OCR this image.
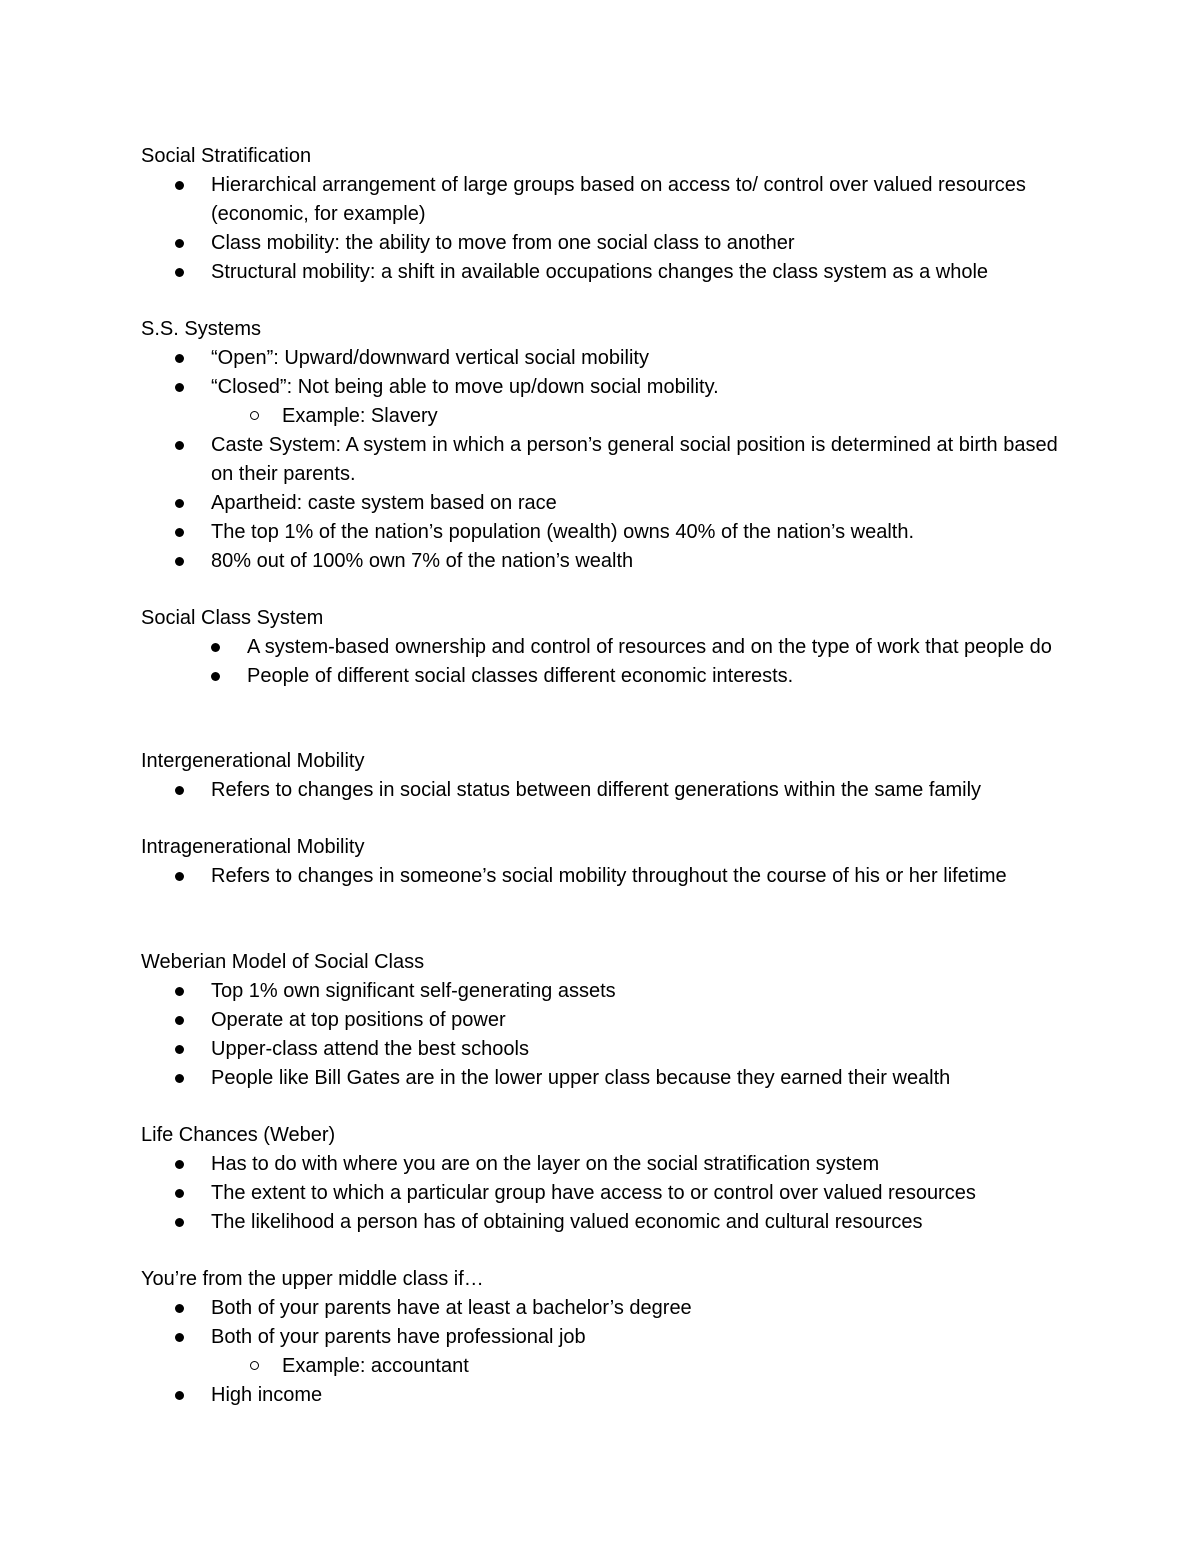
Social Stratification
Hierarchical arrangement of large groups based on access to/ control over valued resources (economic, for example)
Class mobility: the ability to move from one social class to another
Structural mobility: a shift in available occupations changes the class system as a whole
S.S. Systems
“Open”: Upward/downward vertical social mobility
“Closed”: Not being able to move up/down social mobility.
Example: Slavery
Caste System: A system in which a person’s general social position is determined at birth based on their parents.
Apartheid: caste system based on race
The top 1% of the nation’s population (wealth) owns 40% of the nation’s wealth.
80% out of 100% own 7% of the nation’s wealth
Social Class System
A system-based ownership and control of resources and on the type of work that people do
People of different social classes different economic interests.
Intergenerational Mobility
Refers to changes in social status between different generations within the same family
Intragenerational Mobility
Refers to changes in someone’s social mobility throughout the course of his or her lifetime
Weberian Model of Social Class
Top 1% own significant self-generating assets
Operate at top positions of power
Upper-class attend the best schools
People like Bill Gates are in the lower upper class because they earned their wealth
Life Chances (Weber)
Has to do with where you are on the layer on the social stratification system
The extent to which a particular group have access to or control over valued resources
The likelihood a person has of obtaining valued economic and cultural resources
You’re from the upper middle class if…
Both of your parents have at least a bachelor’s degree
Both of your parents have professional job
Example: accountant
High income
